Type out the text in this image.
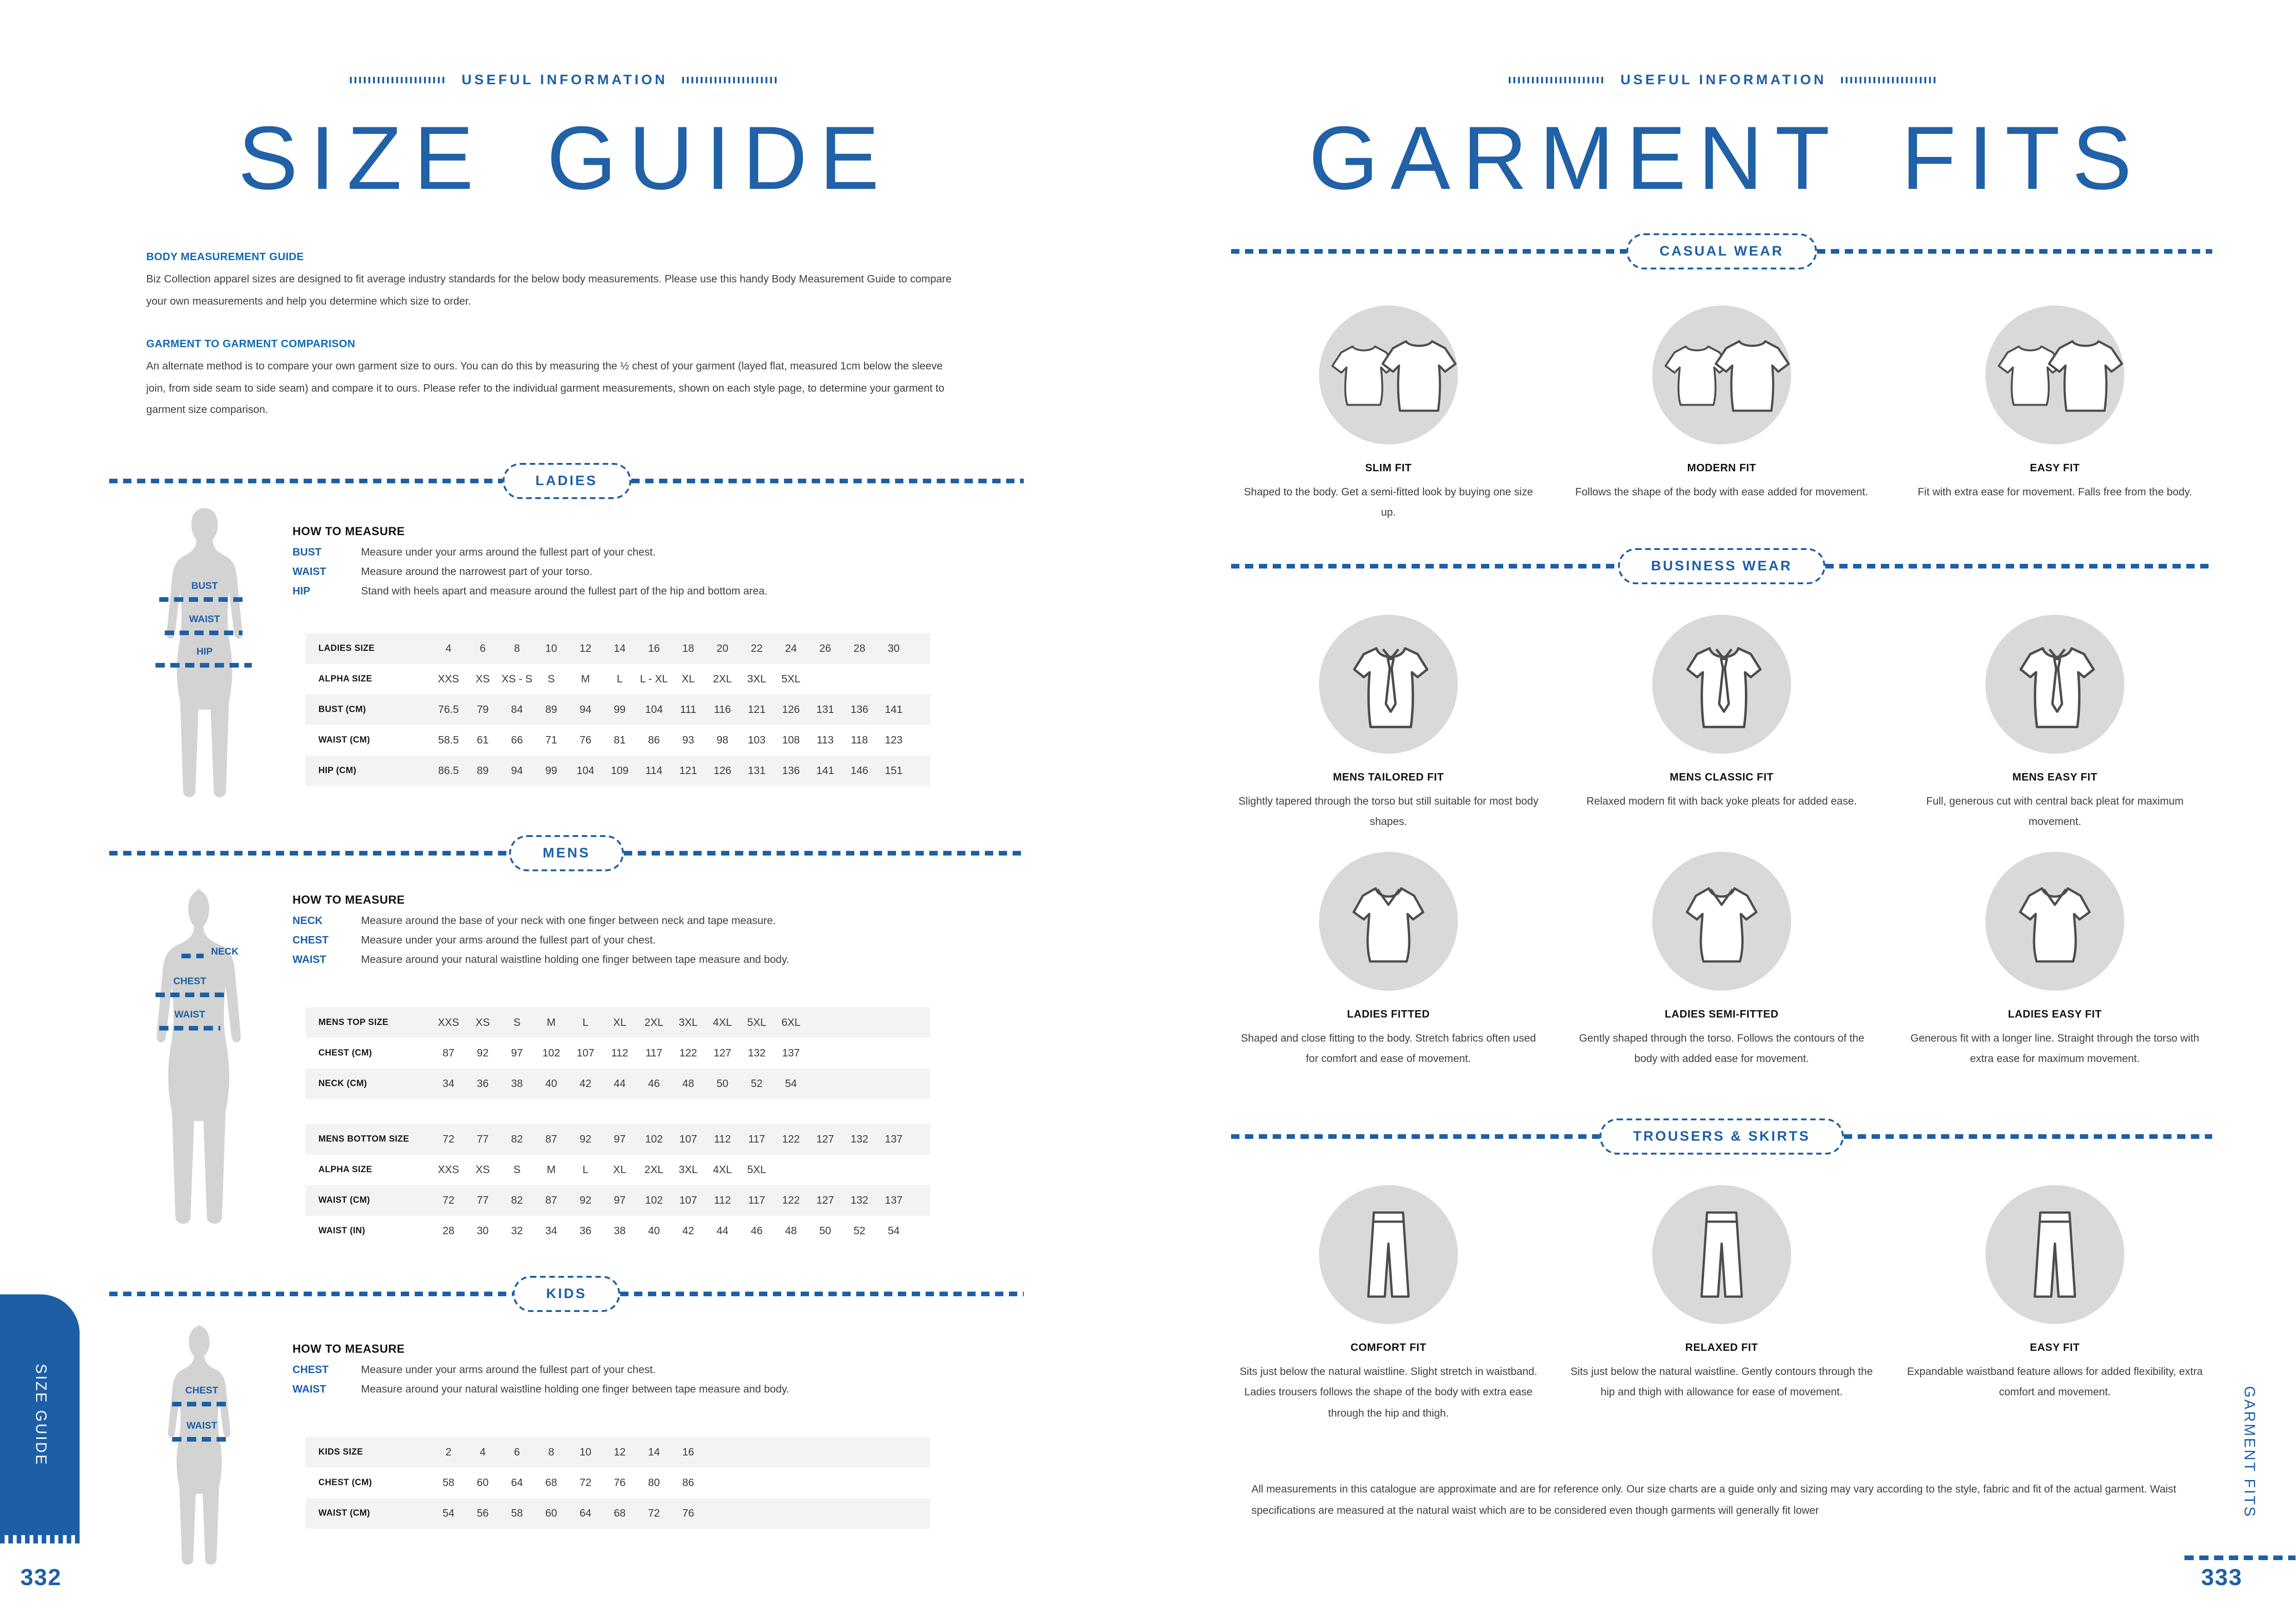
USEFUL INFORMATION
SIZE GUIDE
BODY MEASUREMENT GUIDE
Biz Collection apparel sizes are designed to fit average industry standards for the below body measurements. Please use this handy Body Measurement Guide to compare your own measurements and help you determine which size to order.
GARMENT TO GARMENT COMPARISON
An alternate method is to compare your own garment size to ours. You can do this by measuring the ½ chest of your garment (layed flat, measured 1cm below the sleeve join, from side seam to side seam) and compare it to ours. Please refer to the individual garment measurements, shown on each style page, to determine your garment to garment size comparison.
LADIES
BUST
WAIST
HIP
HOW TO MEASURE
BUST	Measure under your arms around the fullest part of your chest.
WAIST	Measure around the narrowest part of your torso.
HIP	Stand with heels apart and measure around the fullest part of the hip and bottom area.
LADIES SIZE	4	6	8	10	12	14	16	18	20	22	24	26	28	30
ALPHA SIZE	XXS	XS	XS - S	S	M	L	L - XL	XL	2XL	3XL	5XL
BUST (CM)	76.5	79	84	89	94	99	104	111	116	121	126	131	136	141
WAIST (CM)	58.5	61	66	71	76	81	86	93	98	103	108	113	118	123
HIP (CM)	86.5	89	94	99	104	109	114	121	126	131	136	141	146	151
MENS
NECK
CHEST
WAIST
HOW TO MEASURE
NECK	Measure around the base of your neck with one finger between neck and tape measure.
CHEST	Measure under your arms around the fullest part of your chest.
WAIST	Measure around your natural waistline holding one finger between tape measure and body.
MENS TOP SIZE	XXS	XS	S	M	L	XL	2XL	3XL	4XL	5XL	6XL
CHEST (CM)	87	92	97	102	107	112	117	122	127	132	137
NECK (CM)	34	36	38	40	42	44	46	48	50	52	54
MENS BOTTOM SIZE	72	77	82	87	92	97	102	107	112	117	122	127	132	137
ALPHA SIZE	XXS	XS	S	M	L	XL	2XL	3XL	4XL	5XL
WAIST (CM)	72	77	82	87	92	97	102	107	112	117	122	127	132	137
WAIST (IN)	28	30	32	34	36	38	40	42	44	46	48	50	52	54
KIDS
CHEST
WAIST
HOW TO MEASURE
CHEST	Measure under your arms around the fullest part of your chest.
WAIST	Measure around your natural waistline holding one finger between tape measure and body.
KIDS SIZE	2	4	6	8	10	12	14	16
CHEST (CM)	58	60	64	68	72	76	80	86
WAIST (CM)	54	56	58	60	64	68	72	76
SIZE GUIDE
332
USEFUL INFORMATION
GARMENT FITS
CASUAL WEAR
SLIM FIT
Shaped to the body. Get a semi-fitted look by buying one size up.
MODERN FIT
Follows the shape of the body with ease added for movement.
EASY FIT
Fit with extra ease for movement. Falls free from the body.
BUSINESS WEAR
MENS TAILORED FIT
Slightly tapered through the torso but still suitable for most body shapes.
MENS CLASSIC FIT
Relaxed modern fit with back yoke pleats for added ease.
MENS EASY FIT
Full, generous cut with central back pleat for maximum movement.
LADIES FITTED
Shaped and close fitting to the body. Stretch fabrics often used for comfort and ease of movement.
LADIES SEMI-FITTED
Gently shaped through the torso. Follows the contours of the body with added ease for movement.
LADIES EASY FIT
Generous fit with a longer line. Straight through the torso with extra ease for maximum movement.
TROUSERS & SKIRTS
COMFORT FIT
Sits just below the natural waistline. Slight stretch in waistband. Ladies trousers follows the shape of the body with extra ease through the hip and thigh.
RELAXED FIT
Sits just below the natural waistline. Gently contours through the hip and thigh with allowance for ease of movement.
EASY FIT
Expandable waistband feature allows for added flexibility, extra comfort and movement.
All measurements in this catalogue are approximate and are for reference only. Our size charts are a guide only and sizing may vary according to the style, fabric and fit of the actual garment. Waist specifications are measured at the natural waist which are to be considered even though garments will generally fit lower	GARMENT FITS
333
